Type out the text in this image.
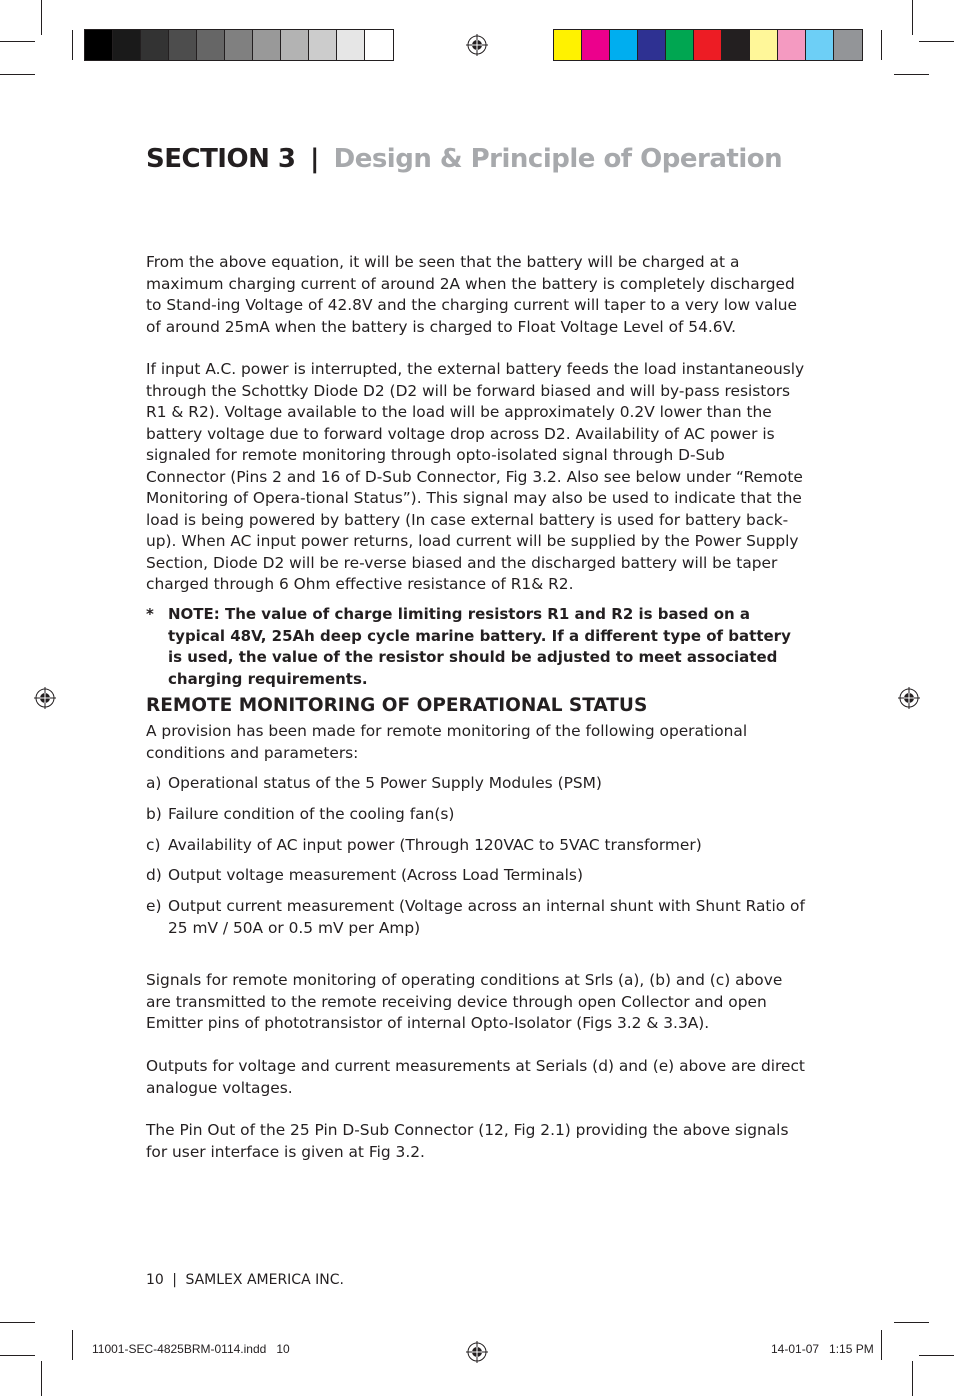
SECTION 3 | Design & Principle of Operation

From the above equation, it will be seen that the battery will be charged at a maximum charging current of around 2A when the battery is completely discharged to Stand-ing Voltage of 42.8V and the charging current will taper to a very low value of around 25mA when the battery is charged to Float Voltage Level of 54.6V.

If input A.C. power is interrupted, the external battery feeds the load instantaneously through the Schottky Diode D2 (D2 will be forward biased and will by-pass resistors R1 & R2). Voltage available to the load will be approximately 0.2V lower than the battery voltage due to forward voltage drop across D2. Availability of AC power is signaled for remote monitoring through opto-isolated signal through D-Sub Connector (Pins 2 and 16 of D-Sub Connector, Fig 3.2. Also see below under “Remote Monitoring of Opera-tional Status”). This signal may also be used to indicate that the load is being powered by battery (In case external battery is used for battery back-up). When AC input power returns, load current will be supplied by the Power Supply Section, Diode D2 will be re-verse biased and the discharged battery will be taper charged through 6 Ohm effective resistance of R1& R2.

* NOTE: The value of charge limiting resistors R1 and R2 is based on a typical 48V, 25Ah deep cycle marine battery. If a different type of battery is used, the value of the resistor should be adjusted to meet associated charging requirements.
REMOTE MONITORING OF OPERATIONAL STATUS

A provision has been made for remote monitoring of the following operational conditions and parameters:

a) Operational status of the 5 Power Supply Modules (PSM)
b) Failure condition of the cooling fan(s)
c) Availability of AC input power (Through 120VAC to 5VAC transformer)
d) Output voltage measurement (Across Load Terminals)
e) Output current measurement (Voltage across an internal shunt with Shunt Ratio of 25 mV / 50A or 0.5 mV per Amp)

Signals for remote monitoring of operating conditions at Srls (a), (b) and (c) above are transmitted to the remote receiving device through open Collector and open Emitter pins of phototransistor of internal Opto-Isolator (Figs 3.2 & 3.3A).

Outputs for voltage and current measurements at Serials (d) and (e) above are direct analogue voltages.

The Pin Out of the 25 Pin D-Sub Connector (12, Fig 2.1) providing the above signals for user interface is given at Fig 3.2.

10 | SAMLEX AMERICA INC.
11001-SEC-4825BRM-0114.indd   10	14-01-07   1:15 PM
